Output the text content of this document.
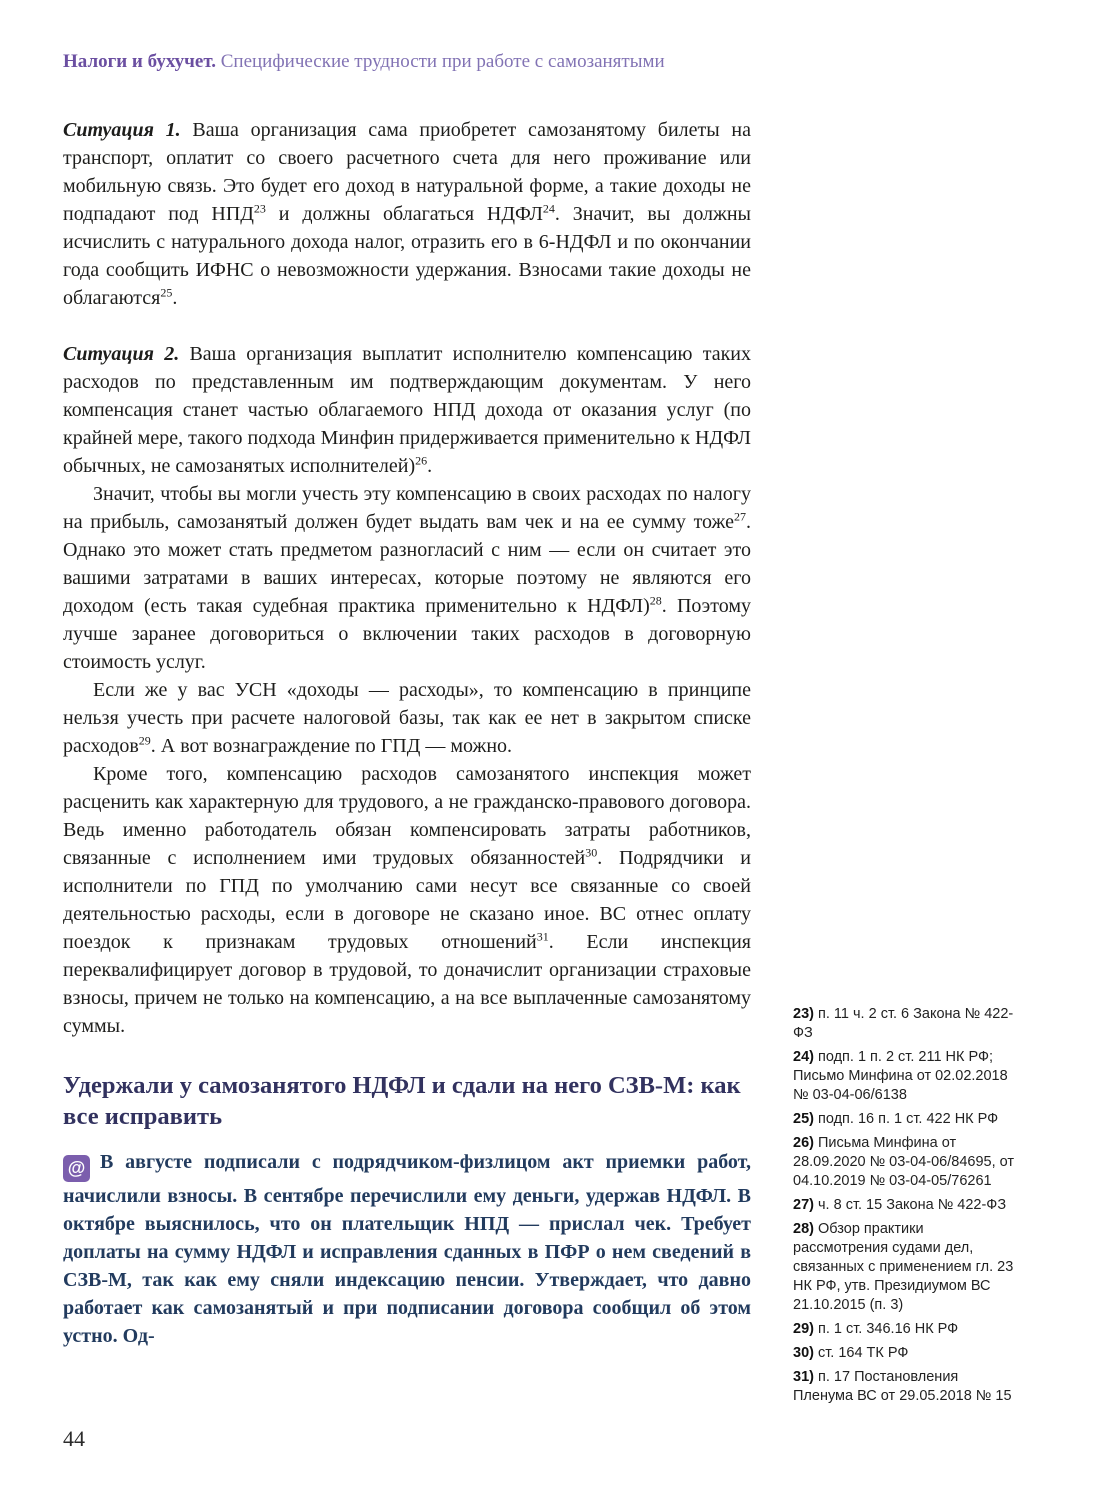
Налоги и бухучет. Специфические трудности при работе с самозанятыми

Ситуация 1. Ваша организация сама приобретет самозанятому билеты на транспорт, оплатит со своего расчетного счета для него проживание или мобильную связь. Это будет его доход в натуральной форме, а такие доходы не подпадают под НПД$^{23}$ и должны облагаться НДФЛ$^{24}$. Значит, вы должны исчислить с натурального дохода налог, отразить его в 6-НДФЛ и по окончании года сообщить ИФНС о невозможности удержания. Взносами такие доходы не облагаются$^{25}$.

Ситуация 2. Ваша организация выплатит исполнителю компенсацию таких расходов по представленным им подтверждающим документам. У него компенсация станет частью облагаемого НПД дохода от оказания услуг (по крайней мере, такого подхода Минфин придерживается применительно к НДФЛ обычных, не самозанятых исполнителей)$^{26}$.

Значит, чтобы вы могли учесть эту компенсацию в своих расходах по налогу на прибыль, самозанятый должен будет выдать вам чек и на ее сумму тоже$^{27}$. Однако это может стать предметом разногласий с ним — если он считает это вашими затратами в ваших интересах, которые поэтому не являются его доходом (есть такая судебная практика применительно к НДФЛ)$^{28}$. Поэтому лучше заранее договориться о включении таких расходов в договорную стоимость услуг.

Если же у вас УСН «доходы — расходы», то компенсацию в принципе нельзя учесть при расчете налоговой базы, так как ее нет в закрытом списке расходов$^{29}$. А вот вознаграждение по ГПД — можно.

Кроме того, компенсацию расходов самозанятого инспекция может расценить как характерную для трудового, а не гражданско-правового договора. Ведь именно работодатель обязан компенсировать затраты работников, связанные с исполнением ими трудовых обязанностей$^{30}$. Подрядчики и исполнители по ГПД по умолчанию сами несут все связанные со своей деятельностью расходы, если в договоре не сказано иное. ВС отнес оплату поездок к признакам трудовых отношений$^{31}$. Если инспекция переквалифицирует договор в трудовой, то доначислит организации страховые взносы, причем не только на компенсацию, а на все выплаченные самозанятому суммы.

Удержали у самозанятого НДФЛ и сдали на него СЗВ-М: как все исправить

@ В августе подписали с подрядчиком-физлицом акт приемки работ, начислили взносы. В сентябре перечислили ему деньги, удержав НДФЛ. В октябре выяснилось, что он плательщик НПД — прислал чек. Требует доплаты на сумму НДФЛ и исправления сданных в ПФР о нем сведений в СЗВ-М, так как ему сняли индексацию пенсии. Утверждает, что давно работает как самозанятый и при подписании договора сообщил об этом устно. Од-

23) п. 11 ч. 2 ст. 6 Закона № 422-ФЗ
24) подп. 1 п. 2 ст. 211 НК РФ; Письмо Минфина от 02.02.2018 № 03-04-06/6138
25) подп. 16 п. 1 ст. 422 НК РФ
26) Письма Минфина от 28.09.2020 № 03-04-06/84695, от 04.10.2019 № 03-04-05/76261
27) ч. 8 ст. 15 Закона № 422-ФЗ
28) Обзор практики рассмотрения судами дел, связанных с применением гл. 23 НК РФ, утв. Президиумом ВС 21.10.2015 (п. 3)
29) п. 1 ст. 346.16 НК РФ
30) ст. 164 ТК РФ
31) п. 17 Постановления Пленума ВС от 29.05.2018 № 15
44
